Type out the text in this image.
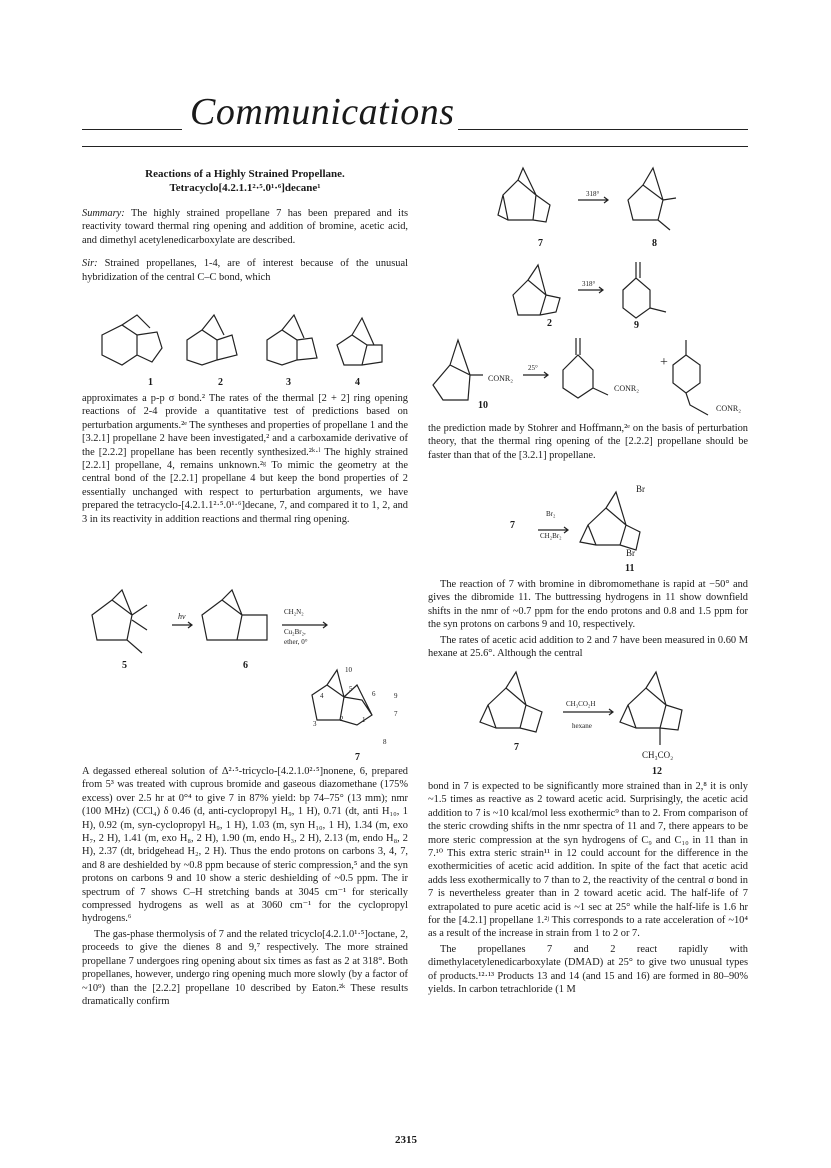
Communications
Reactions of a Highly Strained Propellane.
Tetracyclo[4.2.1.1²·⁵.0¹·⁶]decane¹

Summary: The highly strained propellane 7 has been prepared and its reactivity toward thermal ring opening and addition of bromine, acetic acid, and dimethyl acetylenedicarboxylate are described.

Sir: Strained propellanes, 1-4, are of interest because of the unusual hybridization of the central C–C bond, which

1	2	3	4

approximates a p-p σ bond.² The rates of the thermal [2 + 2] ring opening reactions of 2-4 provide a quantitative test of predictions based on perturbation arguments.²ᵉ The syntheses and properties of propellane 1 and the [3.2.1] propellane 2 have been investigated,² and a carboxamide derivative of the [2.2.2] propellane has been recently synthesized.²ᵏ·ˡ The highly strained [2.2.1] propellane, 4, remains unknown.²ᵍ To mimic the geometry at the central bond of the [2.2.1] propellane 4 but keep the bond properties of 2 essentially unchanged with respect to perturbation arguments, we have prepared the tetracyclo-[4.2.1.1²·⁵.0¹·⁶]decane, 7, and compared it to 1, 2, and 3 in its reactivity in addition reactions and thermal ring opening.

hν	CH₂N₂
Cu₂Br₂,
ether, 0°
5	6
7
10
5
6	9
4
3
2	1
7
8

A degassed ethereal solution of Δ²·⁵-tricyclo-[4.2.1.0²·⁵]nonene, 6, prepared from 5³ was treated with cuprous bromide and gaseous diazomethane (175% excess) over 2.5 hr at 0°⁴ to give 7 in 87% yield: bp 74–75° (13 mm); nmr (100 MHz) (CCl₄) δ 0.46 (d, anti-cyclopropyl H₉, 1 H), 0.71 (dt, anti H₁₀, 1 H), 0.92 (m, syn-cyclopropyl H₉, 1 H), 1.03 (m, syn H₁₀, 1 H), 1.34 (m, exo H₇, 2 H), 1.41 (m, exo H₈, 2 H), 1.90 (m, endo H₃, 2 H), 2.13 (m, endo H₈, 2 H), 2.37 (dt, bridgehead H₂, 2 H). Thus the endo protons on carbons 3, 4, 7, and 8 are deshielded by ~0.8 ppm because of steric compression,⁵ and the syn protons on carbons 9 and 10 show a steric deshielding of ~0.5 ppm. The ir spectrum of 7 shows C–H stretching bands at 3045 cm⁻¹ for sterically compressed hydrogens as well as at 3060 cm⁻¹ for the cyclopropyl hydrogens.⁶

The gas-phase thermolysis of 7 and the related tricyclo[4.2.1.0¹·⁵]octane, 2, proceeds to give the dienes 8 and 9,⁷ respectively. The more strained propellane 7 undergoes ring opening about six times as fast as 2 at 318°. Both propellanes, however, undergo ring opening much more slowly (by a factor of ~10⁹) than the [2.2.2] propellane 10 described by Eaton.²ᵏ These results dramatically confirm

318°
7	8
318°
2	9
25°	+
CONR₂
CONR₂
CONR₂
10

the prediction made by Stohrer and Hoffmann,²ᵉ on the basis of perturbation theory, that the thermal ring opening of the [2.2.2] propellane should be faster than that of the [3.2.1] propellane.

7
Br₂
CH₂Br₂
Br
Br
11

The reaction of 7 with bromine in dibromomethane is rapid at −50° and gives the dibromide 11. The buttressing hydrogens in 11 show downfield shifts in the nmr of ~0.7 ppm for the endo protons and 0.8 and 1.5 ppm for the syn protons on carbons 9 and 10, respectively.

The rates of acetic acid addition to 2 and 7 have been measured in 0.60 M hexane at 25.6°. Although the central

CH₃CO₂H
hexane
7
CH₃CO₂
12

bond in 7 is expected to be significantly more strained than in 2,⁸ it is only ~1.5 times as reactive as 2 toward acetic acid. Surprisingly, the acetic acid addition to 7 is ~10 kcal/mol less exothermic⁹ than to 2. From comparison of the steric crowding shifts in the nmr spectra of 11 and 7, there appears to be more steric compression at the syn hydrogens of C₉ and C₁₀ in 11 than in 7.¹⁰ This extra steric strain¹¹ in 12 could account for the difference in the exothermicities of acetic acid addition. In spite of the fact that acetic acid adds less exothermically to 7 than to 2, the reactivity of the central σ bond in 7 is nevertheless greater than in 2 toward acetic acid. The half-life of 7 extrapolated to pure acetic acid is ~1 sec at 25° while the half-life is 1.6 hr for the [4.2.1] propellane 1.²ʲ This corresponds to a rate acceleration of ~10⁴ as a result of the increase in strain from 1 to 2 or 7.

The propellanes 7 and 2 react rapidly with dimethylacetylenedicarboxylate (DMAD) at 25° to give two unusual types of products.¹²·¹³ Products 13 and 14 (and 15 and 16) are formed in 80–90% yields. In carbon tetrachloride (1 M

2315
